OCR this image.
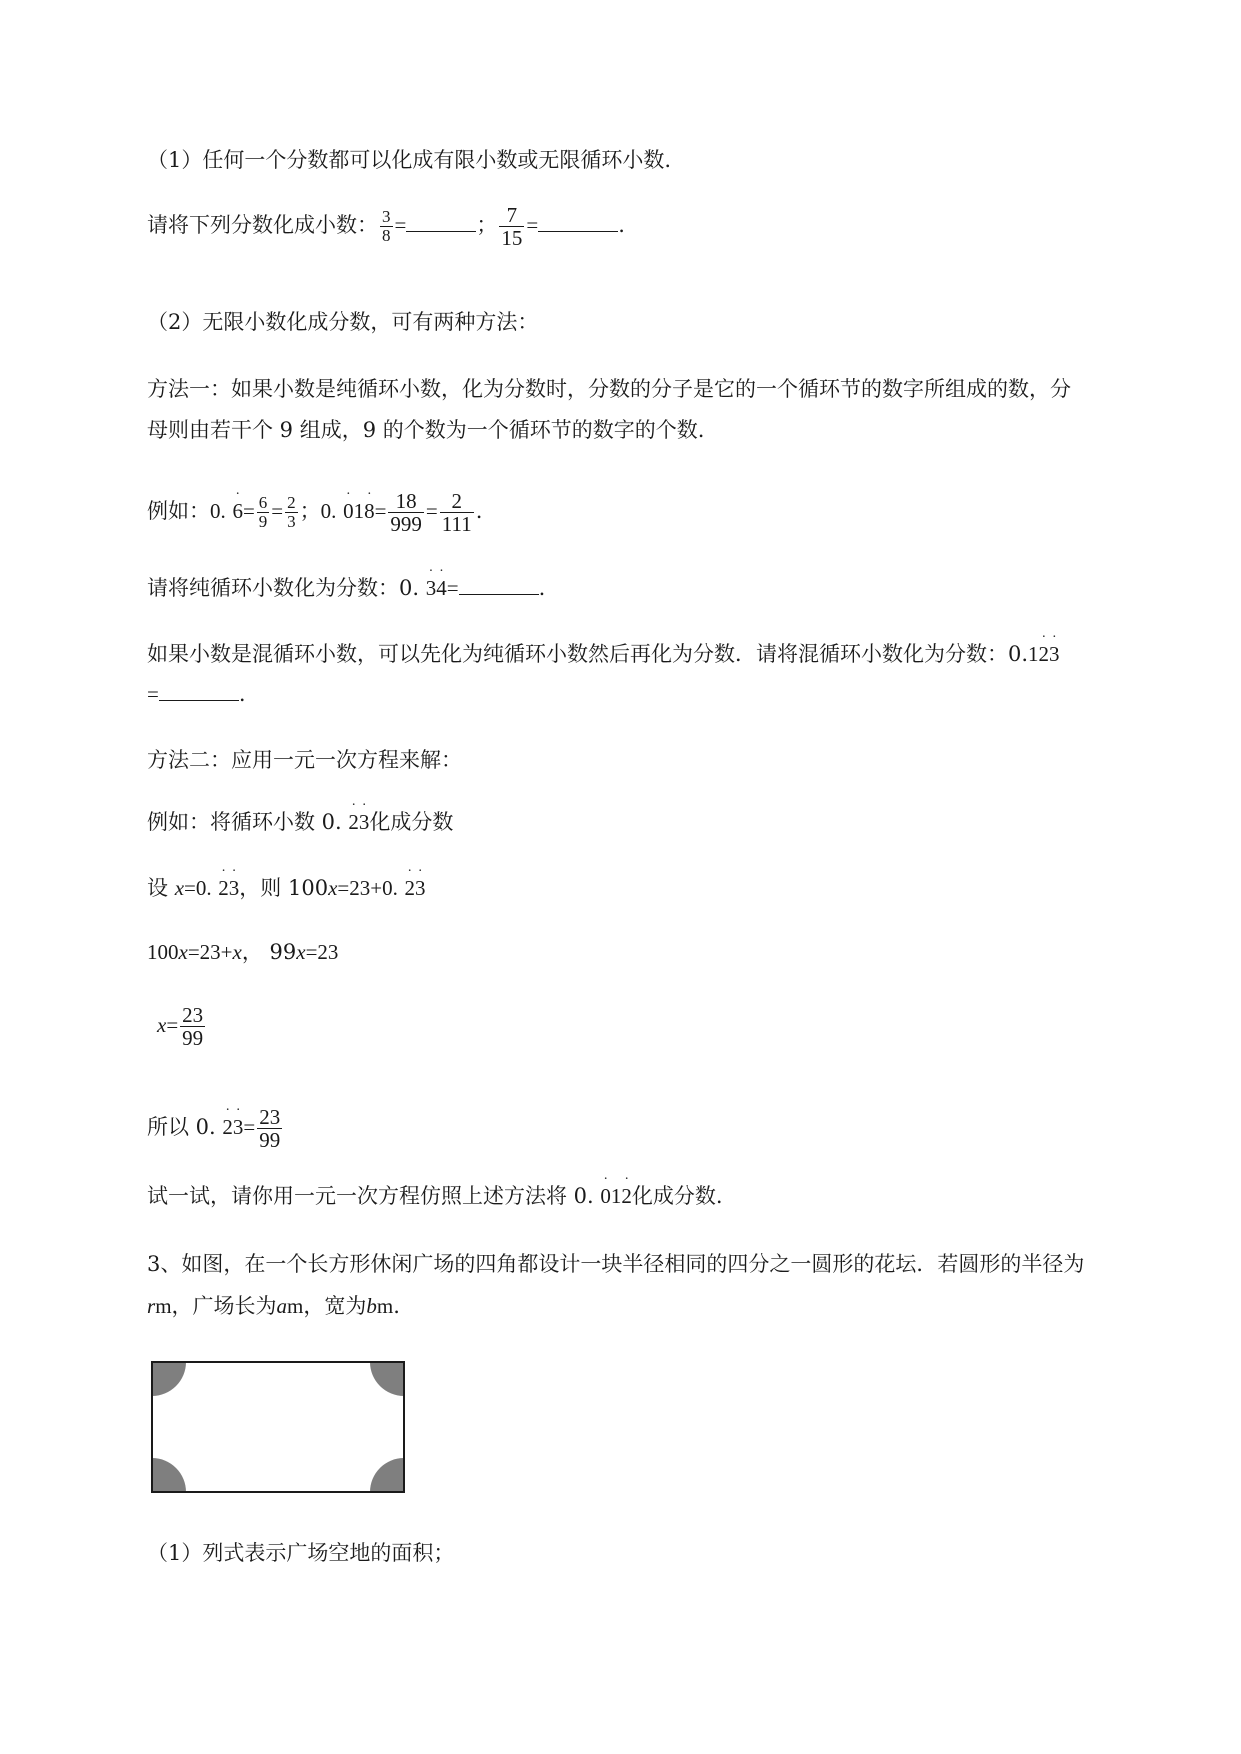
（1）任何一个分数都可以化成有限小数或无限循环小数.
请将下列分数化成小数： $\frac{3}{8}$ =	； $\frac{7}{15}$ =	.
（2）无限小数化成分数，可有两种方法：
方法一：如果小数是纯循环小数，化为分数时，分数的分子是它的一个循环节的数字所组成的数，分
母则由若干个 9 组成，9 的个数为一个循环节的数字的个数.
例如：0.
·
$6= \frac{6}{9} = \frac{2}{3}$ ；0.
·
01
·
$8= \frac{18}{999} = \frac{2}{111}$ .
请将纯循环小数化为分数：0.
·
3
·
4=	.
如果小数是混循环小数，可以先化为纯循环小数然后再化为分数．请将混循环小数化为分数：0.1
·
2
·
3
=	.
方法二：应用一元一次方程来解：
例如：将循环小数 0.
·
2
·
3化成分数
设 x=0.
·
2
·
3，则 100x=23+0.
·
2
·
3
100x=23+x， 99x=23
$x= \frac{23}{99}$
所以 0.
·
2
·
$3= \frac{23}{99}$
试一试，请你用一元一次方程仿照上述方法将 0.
·
01
·
2化成分数.
3、如图，在一个长方形休闲广场的四角都设计一块半径相同的四分之一圆形的花坛．若圆形的半径为
rm，广场长为am，宽为bm.
（1）列式表示广场空地的面积；
